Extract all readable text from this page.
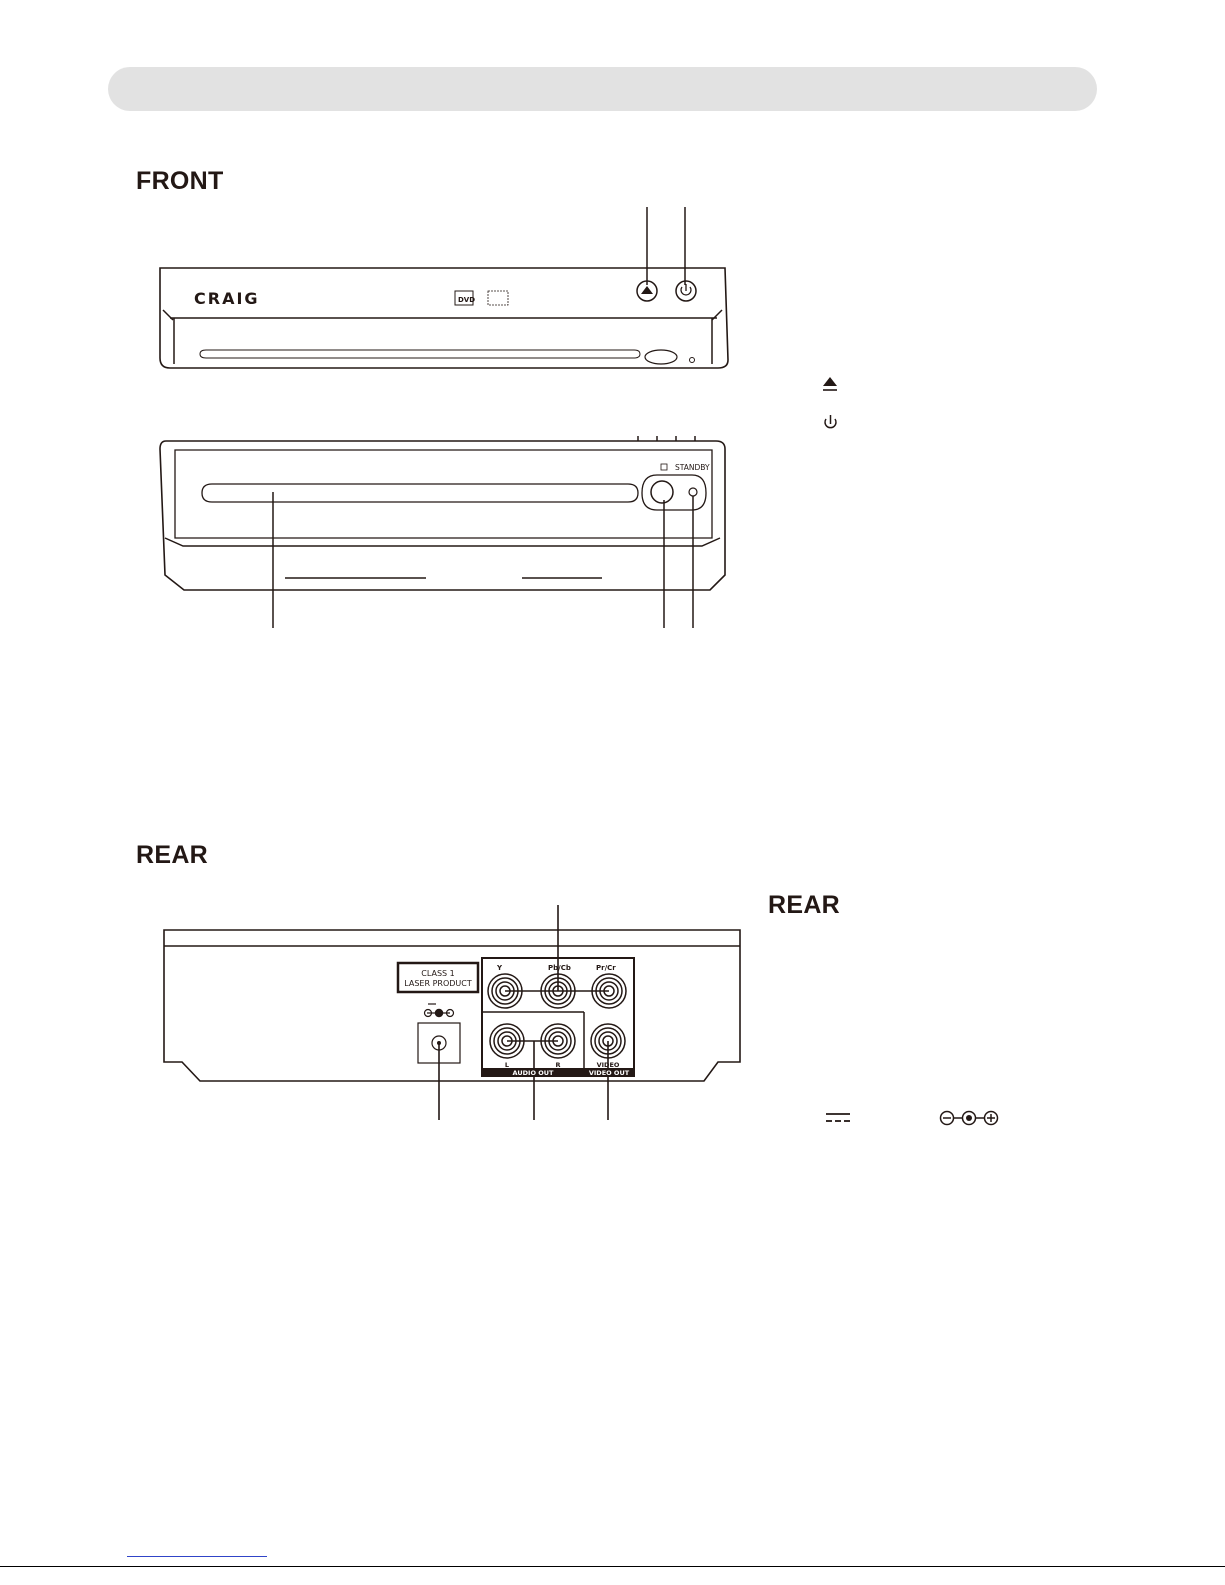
FRONT
REAR
REAR
CRAIG	DVD
STANDBY
CLASS 1
LASER PRODUCT
Y	Pb/Cb	Pr/Cr
L	R	VIDEO
AUDIO OUT	VIDEO OUT
